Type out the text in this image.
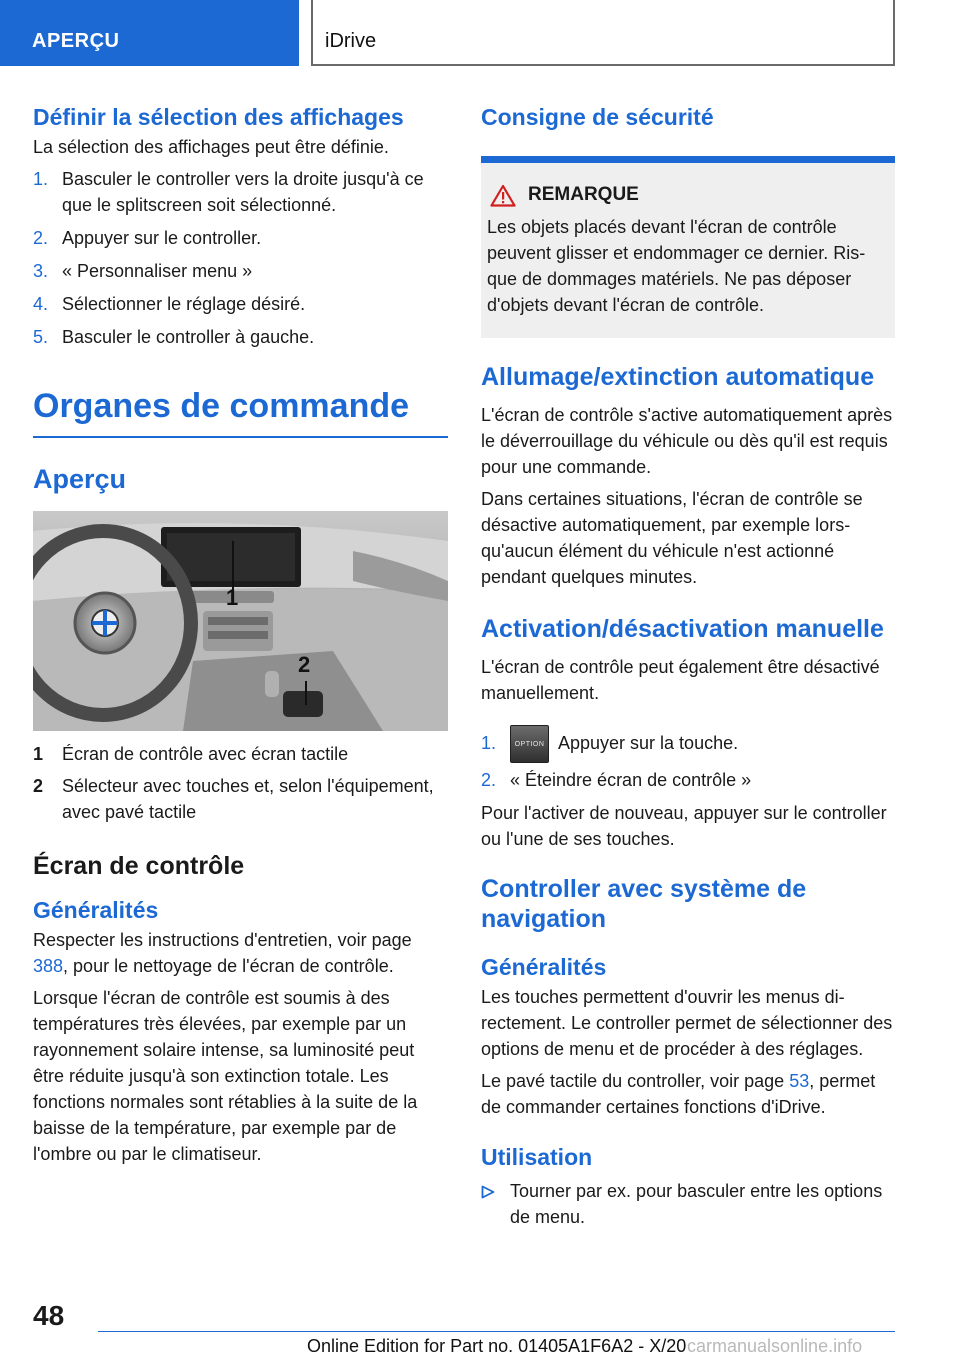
APERÇU	iDrive
Définir la sélection des affichages

La sélection des affichages peut être définie.

1. Basculer le controller vers la droite jusqu'à ce que le splitscreen soit sélectionné.
2. Appuyer sur le controller.
3. « Personnaliser menu »
4. Sélectionner le réglage désiré.
5. Basculer le controller à gauche.
Organes de commande
Aperçu
1
2
1 Écran de contrôle avec écran tactile
2 Sélecteur avec touches et, selon l'équipement, avec pavé tactile
Écran de contrôle
Généralités

Respecter les instructions d'entretien, voir page 388, pour le nettoyage de l'écran de contrôle.

Lorsque l'écran de contrôle est soumis à des températures très élevées, par exemple par un rayonnement solaire intense, sa luminosité peut être réduite jusqu'à son extinction totale. Les fonctions normales sont rétablies à la suite de la baisse de la température, par exemple par de l'ombre ou par le climatiseur.

Consigne de sécurité
REMARQUE

Les objets placés devant l'écran de contrôle peuvent glisser et endommager ce dernier. Risque de dommages matériels. Ne pas déposer d'objets devant l'écran de contrôle.

Allumage/extinction automatique

L'écran de contrôle s'active automatiquement après le déverrouillage du véhicule ou dès qu'il est requis pour une commande.

Dans certaines situations, l'écran de contrôle se désactive automatiquement, par exemple lorsqu'aucun élément du véhicule n'est actionné pendant quelques minutes.

Activation/désactivation manuelle

L'écran de contrôle peut également être désactivé manuellement.

1.	OPTION Appuyer sur la touche.
2. « Éteindre écran de contrôle »

Pour l'activer de nouveau, appuyer sur le controller ou l'une de ses touches.

Controller avec système de navigation
Généralités

Les touches permettent d'ouvrir les menus directement. Le controller permet de sélectionner des options de menu et de procéder à des réglages.

Le pavé tactile du controller, voir page 53, permet de commander certaines fonctions d'iDrive.

Utilisation
Tourner par ex. pour basculer entre les options de menu.
48
Online Edition for Part no. 01405A1F6A2 - X/20 carmanualsonline.info
